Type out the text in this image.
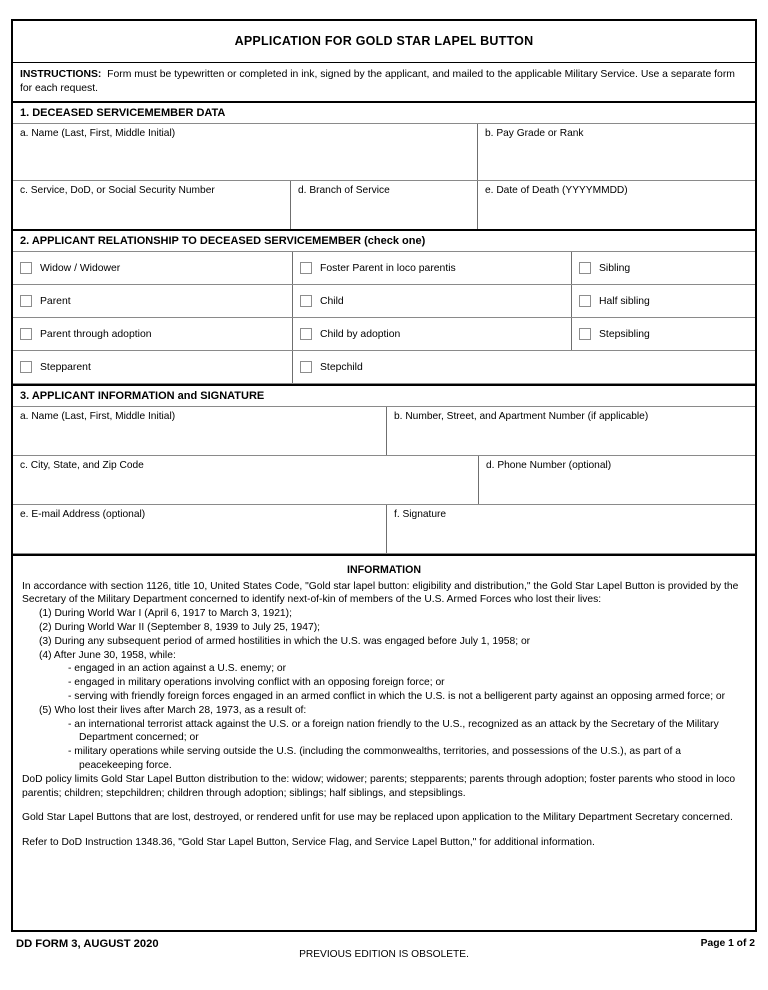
APPLICATION FOR GOLD STAR LAPEL BUTTON
INSTRUCTIONS: Form must be typewritten or completed in ink, signed by the applicant, and mailed to the applicable Military Service. Use a separate form for each request.
1. DECEASED SERVICEMEMBER DATA
a. Name (Last, First, Middle Initial)	b. Pay Grade or Rank
c. Service, DoD, or Social Security Number	d. Branch of Service	e. Date of Death (YYYYMMDD)
2. APPLICANT RELATIONSHIP TO DECEASED SERVICEMEMBER (check one)
Widow / Widower	Foster Parent in loco parentis	Sibling
Parent	Child	Half sibling
Parent through adoption	Child by adoption	Stepsibling
Stepparent	Stepchild
3. APPLICANT INFORMATION and SIGNATURE
a. Name (Last, First, Middle Initial)	b. Number, Street, and Apartment Number (if applicable)
c. City, State, and Zip Code	d. Phone Number (optional)
e. E-mail Address (optional)	f. Signature
INFORMATION

In accordance with section 1126, title 10, United States Code, "Gold star lapel button: eligibility and distribution," the Gold Star Lapel Button is provided by the Secretary of the Military Department concerned to identify next-of-kin of members of the U.S. Armed Forces who lost their lives:

(1) During World War I (April 6, 1917 to March 3, 1921);
(2) During World War II (September 8, 1939 to July 25, 1947);
(3) During any subsequent period of armed hostilities in which the U.S. was engaged before July 1, 1958; or
(4) After June 30, 1958, while:
- engaged in an action against a U.S. enemy; or
- engaged in military operations involving conflict with an opposing foreign force; or
- serving with friendly foreign forces engaged in an armed conflict in which the U.S. is not a belligerent party against an opposing armed force; or
(5) Who lost their lives after March 28, 1973, as a result of:
- an international terrorist attack against the U.S. or a foreign nation friendly to the U.S., recognized as an attack by the Secretary of the Military Department concerned; or
- military operations while serving outside the U.S. (including the commonwealths, territories, and possessions of the U.S.), as part of a peacekeeping force.

DoD policy limits Gold Star Lapel Button distribution to the: widow; widower; parents; stepparents; parents through adoption; foster parents who stood in loco parentis; children; stepchildren; children through adoption; siblings; half siblings, and stepsiblings.

Gold Star Lapel Buttons that are lost, destroyed, or rendered unfit for use may be replaced upon application to the Military Department Secretary concerned.

Refer to DoD Instruction 1348.36, "Gold Star Lapel Button, Service Flag, and Service Lapel Button," for additional information.

DD FORM 3, AUGUST 2020
PREVIOUS EDITION IS OBSOLETE.
Page 1 of 2
